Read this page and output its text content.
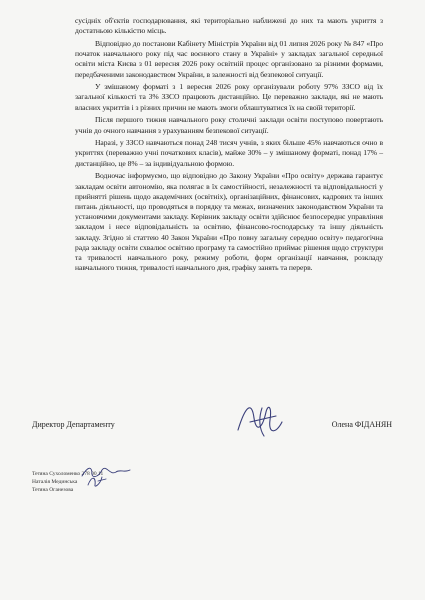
сусідніх об'єктів господарювання, які територіально наближені до них та мають укриття з достатньою кількістю місць.

Відповідно до постанови Кабінету Міністрів України від 01 липня 2026 року № 847 «Про початок навчального року під час воєнного стану в Україні» у закладах загальної середньої освіти міста Києва з 01 вересня 2026 року освітній процес організовано за різними формами, передбаченими законодавством України, в залежності від безпекової ситуації.

У змішаному форматі з 1 вересня 2026 року організували роботу 97% ЗЗСО від їх загальної кількості та 3% ЗЗСО працюють дистанційно. Це переважно заклади, які не мають власних укриттів і з різних причин не мають змоги облаштуватися їх на своїй території.

Після першого тижня навчального року столичні заклади освіти поступово повертають учнів до очного навчання з урахуванням безпекової ситуації.

Наразі, у ЗЗСО навчаються понад 248 тисяч учнів, з яких більше 45% навчаються очно в укриттях (переважно учні початкових класів), майже 30% – у змішаному форматі, понад 17% – дистанційно, це 8% – за індивідуальною формою.

Водночас інформуємо, що відповідно до Закону України «Про освіту» держава гарантує закладам освіти автономію, яка полягає в їх самостійності, незалежності та відповідальності у прийнятті рішень щодо академічних (освітніх), організаційних, фінансових, кадрових та інших питань діяльності, що проводяться в порядку та межах, визначених законодавством України та установчими документами закладу. Керівник закладу освіти здійснює безпосереднє управління закладом і несе відповідальність за освітню, фінансово-господарську та іншу діяльність закладу. Згідно зі статтею 40 Закон України «Про повну загальну середню освіту» педагогічна рада закладу освіти схвалює освітню програму та самостійно приймає рішення щодо структури та тривалості навчального року, режиму роботи, форм організації навчання, розкладу навчального тижня, тривалості навчального дня, графіку занять та перерв.

Директор Департаменту	Олена ФІДАНЯН
Тетяна Сухоломенко 278 00 11
Наталія Мединська
Тетяна Оганезова
